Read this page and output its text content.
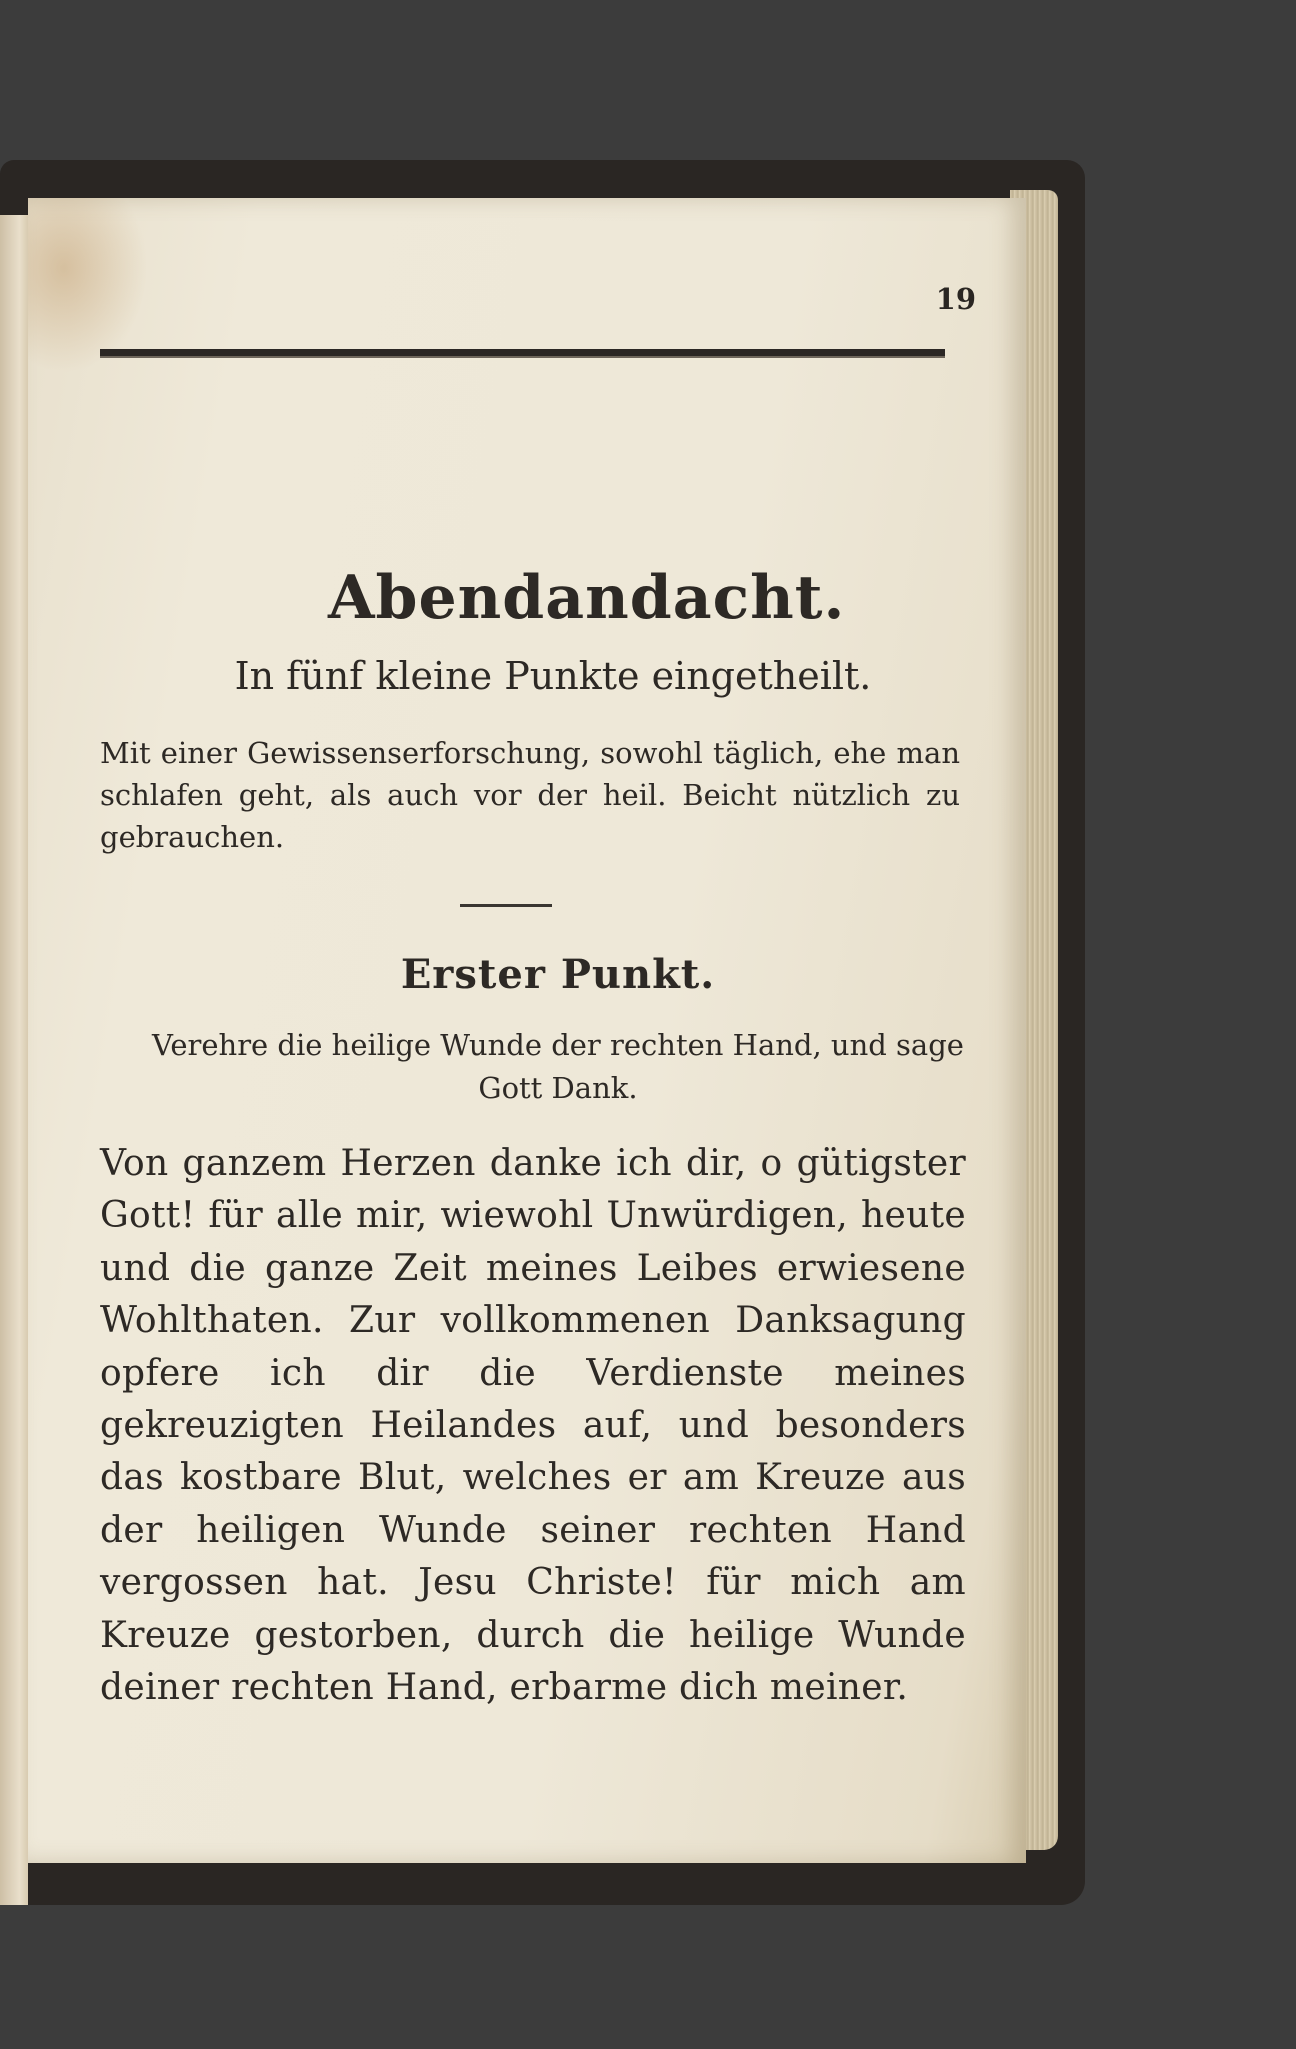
19
Abendandacht.
In fünf kleine Punkte eingetheilt.
Mit einer Gewissenserforschung, sowohl täglich, ehe man schlafen geht, als auch vor der heil. Beicht nützlich zu gebrauchen.
Erster Punkt.
Verehre die heilige Wunde der rechten Hand, und sage Gott Dank.
Von ganzem Herzen danke ich dir, o gütigster Gott! für alle mir, wiewohl Unwürdigen, heute und die ganze Zeit meines Leibes erwiesene Wohlthaten. Zur vollkommenen Danksagung opfere ich dir die Verdienste meines gekreuzigten Heilandes auf, und besonders das kostbare Blut, welches er am Kreuze aus der heiligen Wunde seiner rechten Hand vergossen hat. Jesu Christe! für mich am Kreuze gestorben, durch die heilige Wunde deiner rechten Hand, erbarme dich meiner.
